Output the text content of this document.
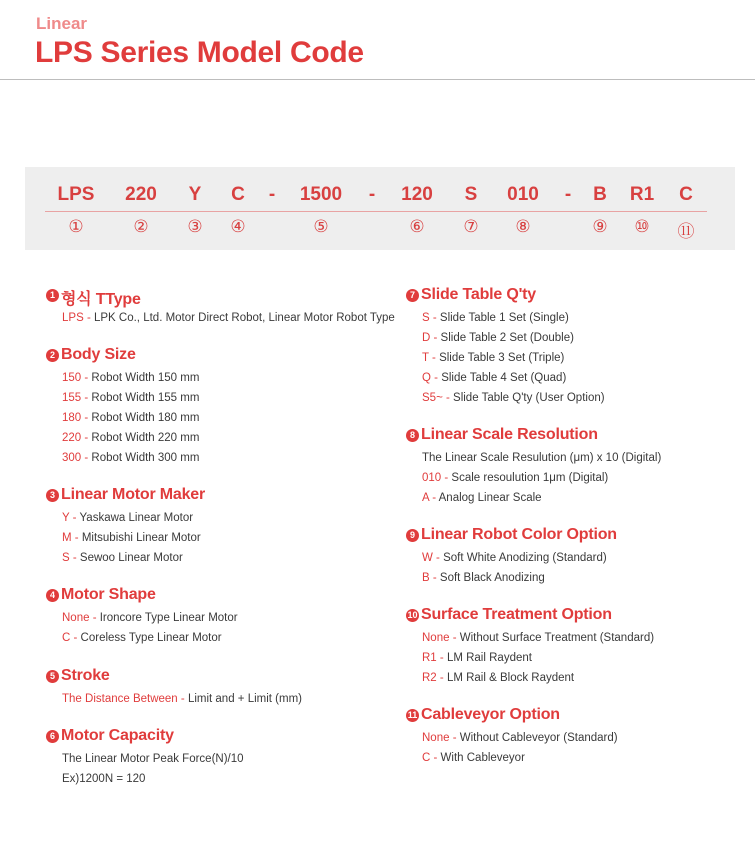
Linear
LPS Series Model Code
LPS 220 Y C - 1500 - 120 S 010 - B R1 C
①	② ③ ④	⑤	⑥ ⑦ ⑧	⑨ ⑩ ⑪
1 형식 TType
LPS - LPK Co., Ltd. Motor Direct Robot, Linear Motor Robot Type
2 Body Size
150 - Robot Width 150 mm
155 - Robot Width 155 mm
180 - Robot Width 180 mm
220 - Robot Width 220 mm
300 - Robot Width 300 mm
3 Linear Motor Maker
Y - Yaskawa Linear Motor
M - Mitsubishi Linear Motor
S - Sewoo Linear Motor
4 Motor Shape
None - Ironcore Type Linear Motor
C - Coreless Type Linear Motor
5 Stroke
The Distance Between - Limit and + Limit (mm)
6 Motor Capacity
The Linear Motor Peak Force(N)/10
Ex)1200N = 120
7 Slide Table Q'ty
S - Slide Table 1 Set (Single)
D - Slide Table 2 Set (Double)
T - Slide Table 3 Set (Triple)
Q - Slide Table 4 Set (Quad)
S5~ - Slide Table Q'ty (User Option)
8 Linear Scale Resolution
The Linear Scale Resulution (μm) x 10 (Digital)
010 - Scale resoulution 1μm (Digital)
A - Analog Linear Scale
9 Linear Robot Color Option
W - Soft White Anodizing (Standard)
B - Soft Black Anodizing
10 Surface Treatment Option
None - Without Surface Treatment (Standard)
R1 - LM Rail Raydent
R2 - LM Rail & Block Raydent
11 Cableveyor Option
None - Without Cableveyor (Standard)
C - With Cableveyor
